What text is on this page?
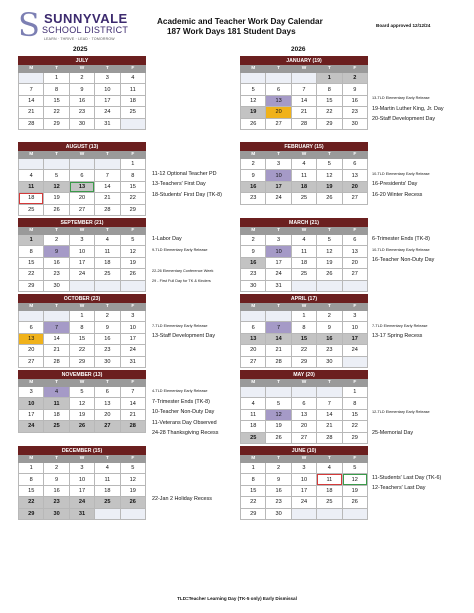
S SUNNYVALE
SCHOOL DISTRICT
LEARN · THRIVE · LEAD · TOMORROW
Academic and Teacher Work Day Calendar
187 Work Days 181 Student Days
Board approved 12/12/24
2025	2026
JULY				
M	T	W	T	F
	1	2	3	4
7	8	9	10	11
14	15	16	17	18
21	22	23	24	25
28	29	30	31	
JANUARY (19)				
M	T	W	T	F
			1	2
5	6	7	8	9
12	13	14	15	16
19	20	21	22	23
26	27	28	29	30
13-TLD Elementary Early Release
19-Martin Luther King, Jr. Day
20-Staff Development Day
AUGUST (13)				
M	T	W	T	F
				1
4	5	6	7	8
11	12	13	14	15
18	19	20	21	22
25	26	27	28	29
11-12 Optional Teacher PD
13-Teachers' First Day
18-Students' First Day (TK-8)
FEBRUARY (15)				
M	T	W	T	F
2	3	4	5	6
9	10	11	12	13
16	17	18	19	20
23	24	25	26	27
10-TLD Elementary Early Release
16-Presidents' Day
16-20 Winter Recess
SEPTEMBER (21)				
M	T	W	T	F
1	2	3	4	5
8	9	10	11	12
15	16	17	18	19
22	23	24	25	26
29	30			
1-Labor Day
9-TLD Elementary Early Release
22-26 Elementary Conference Week
29 - First Full Day for TK & Kinders
MARCH (21)				
M	T	W	T	F
2	3	4	5	6
9	10	11	12	13
16	17	18	19	20
23	24	25	26	27
30	31			
6-Trimester Ends (TK-8)
10-TLD Elementary Early Release
16-Teacher Non-Duty Day
OCTOBER (23)				
M	T	W	T	F
		1	2	3
6	7	8	9	10
13	14	15	16	17
20	21	22	23	24
27	28	29	30	31
7-TLD Elementary Early Release
13-Staff Development Day
APRIL (17)				
M	T	W	T	F
		1	2	3
6	7	8	9	10
13	14	15	16	17
20	21	22	23	24
27	28	29	30	
7-TLD Elementary Early Release
13-17 Spring Recess
NOVEMBER (13)				
M	T	W	T	F
3	4	5	6	7
10	11	12	13	14
17	18	19	20	21
24	25	26	27	28
4-TLD Elementary Early Release
7-Trimester Ends (TK-8)
10-Teacher Non-Duty Day
11-Veterans Day Observed
24-28 Thanksgiving Recess
MAY (20)				
M	T	W	T	F
				1
4	5	6	7	8
11	12	13	14	15
18	19	20	21	22
25	26	27	28	29
12-TLD Elementary Early Release
25-Memorial Day
DECEMBER (15)				
M	T	W	T	F
1	2	3	4	5
8	9	10	11	12
15	16	17	18	19
22	23	24	25	26
29	30	31		
22-Jan 2 Holiday Recess
JUNE (10)				
M	T	W	T	F
1	2	3	4	5
8	9	10	11	12
15	16	17	18	19
22	23	24	25	26
29	30			
11-Students' Last Day (TK-6)
12-Teachers' Last Day
TLD=Teacher Learning Day (TK-5 only) Early Dismissal
